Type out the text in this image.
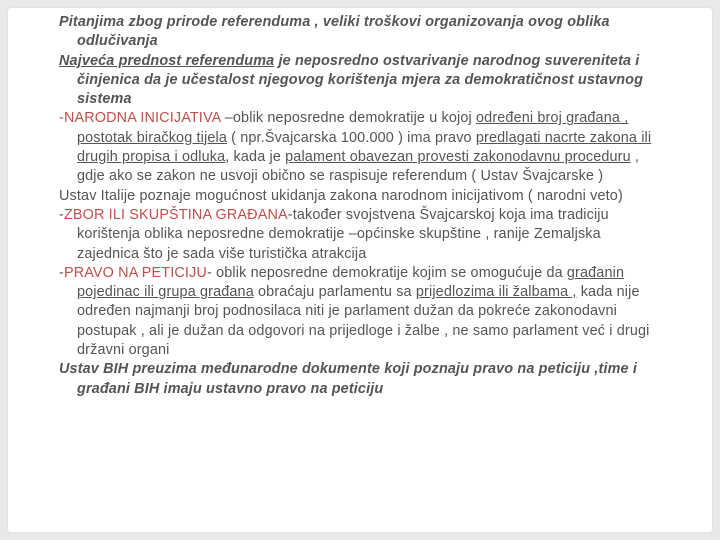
Pitanjima zbog prirode referenduma , veliki troškovi organizovanja ovog oblika odlučivanja

Najveća prednost referenduma je neposredno ostvarivanje narodnog suvereniteta i činjenica da je učestalost njegovog korištenja mjera za demokratičnost ustavnog sistema

-NARODNA INICIJATIVA –oblik neposredne demokratije u kojoj određeni broj građana , postotak biračkog tijela ( npr.Švajcarska 100.000 ) ima pravo predlagati nacrte zakona ili drugih propisa i odluka, kada je palament obavezan provesti zakonodavnu proceduru , gdje ako se zakon ne usvoji obično se raspisuje referendum ( Ustav Švajcarske )

Ustav Italije poznaje mogućnost ukidanja zakona narodnom inicijativom ( narodni veto)

-ZBOR ILI SKUPŠTINA GRAĐANA-također svojstvena Švajcarskoj koja ima tradiciju korištenja oblika neposredne demokratije –općinske skupštine , ranije Zemaljska zajednica što je sada više turistička atrakcija

-PRAVO NA PETICIJU- oblik neposredne demokratije kojim se omogućuje da građanin pojedinac ili grupa građana obraćaju parlamentu sa prijedlozima ili žalbama , kada nije određen najmanji broj podnosilaca niti je parlament dužan da pokreće zakonodavni postupak , ali je dužan da odgovori na prijedloge i žalbe , ne samo parlament već i drugi državni organi

Ustav BIH preuzima međunarodne dokumente koji poznaju pravo na peticiju ,time i građani BIH imaju ustavno pravo na peticiju
